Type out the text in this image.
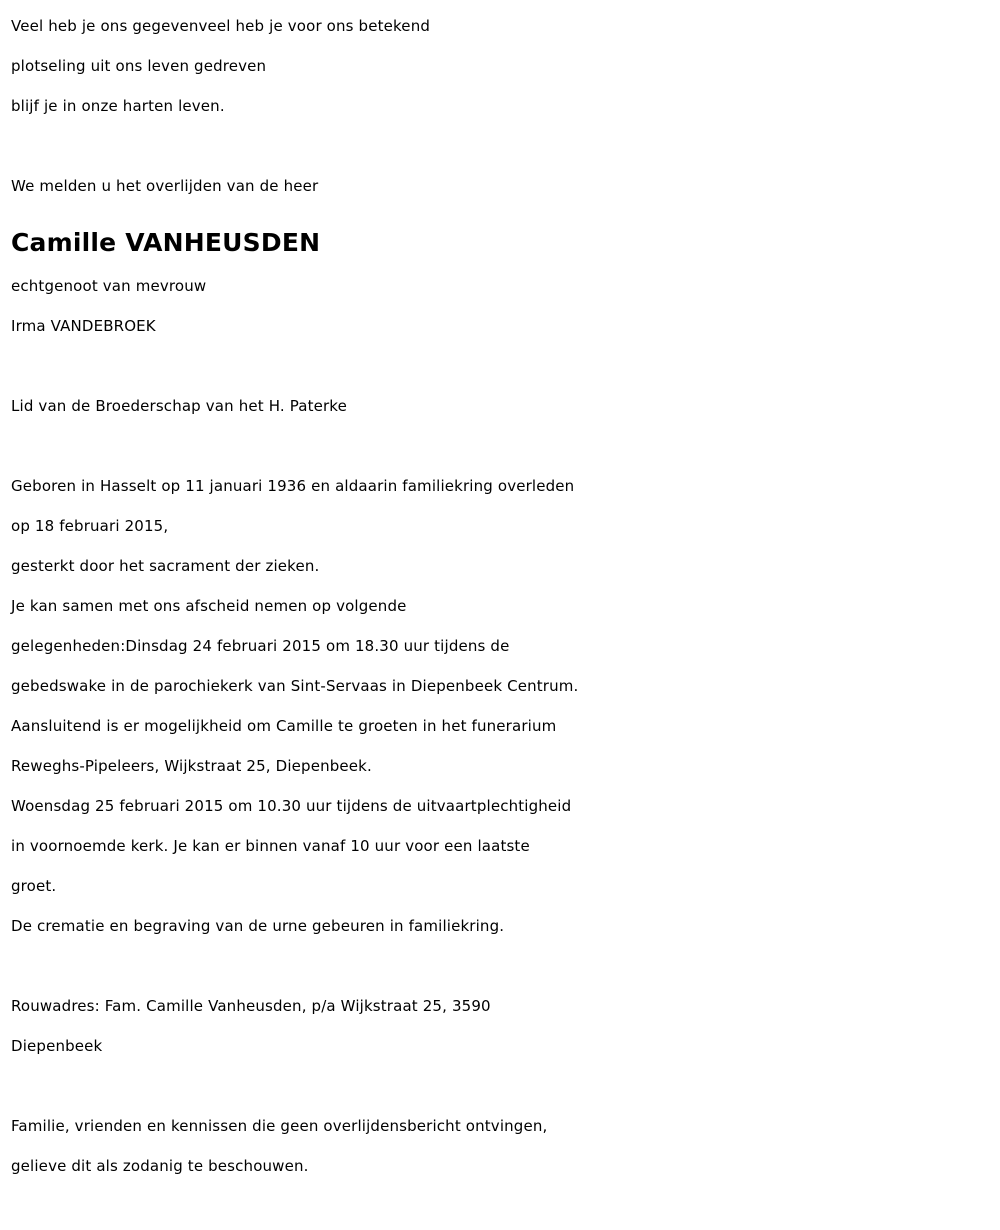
Veel heb je ons gegevenveel heb je voor ons betekend
plotseling uit ons leven gedreven
blijf je in onze harten leven.
We melden u het overlijden van de heer
Camille VANHEUSDEN
echtgenoot van mevrouw
Irma VANDEBROEK
Lid van de Broederschap van het H. Paterke
Geboren in Hasselt op 11 januari 1936 en aldaarin familiekring overleden
op 18 februari 2015,
gesterkt door het sacrament der zieken.
Je kan samen met ons afscheid nemen op volgende
gelegenheden:Dinsdag 24 februari 2015 om 18.30 uur tijdens de
gebedswake in de parochiekerk van Sint-Servaas in Diepenbeek Centrum.
Aansluitend is er mogelijkheid om Camille te groeten in het funerarium
Reweghs-Pipeleers, Wijkstraat 25, Diepenbeek.
Woensdag 25 februari 2015 om 10.30 uur tijdens de uitvaartplechtigheid
in voornoemde kerk. Je kan er binnen vanaf 10 uur voor een laatste
groet.
De crematie en begraving van de urne gebeuren in familiekring.
Rouwadres: Fam. Camille Vanheusden, p/a Wijkstraat 25, 3590
Diepenbeek
Familie, vrienden en kennissen die geen overlijdensbericht ontvingen,
gelieve dit als zodanig te beschouwen.
